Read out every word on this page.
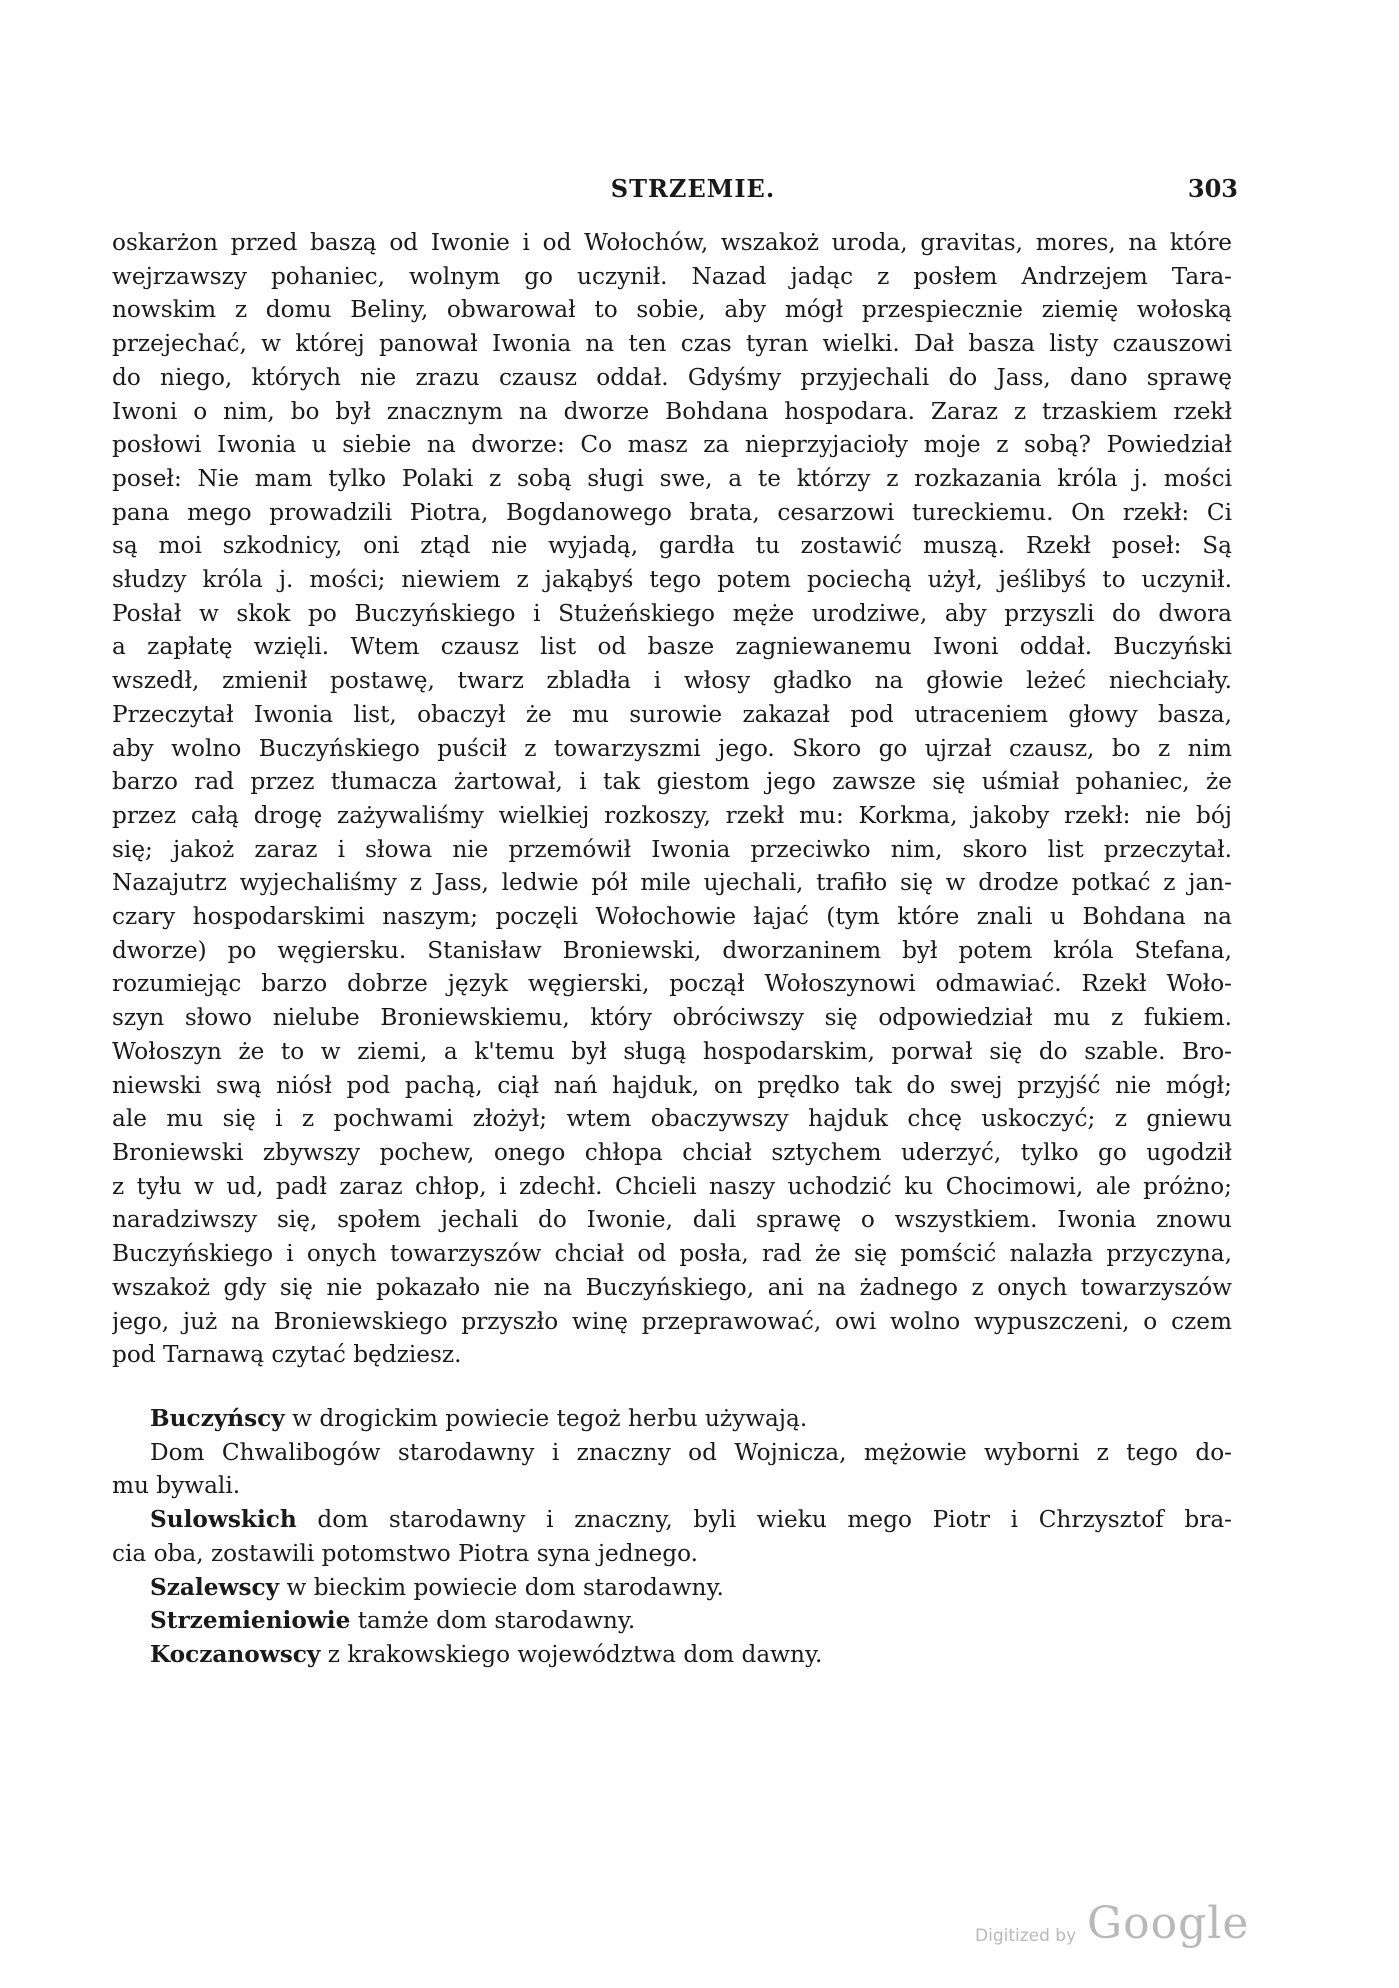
STRZEMIE.	303
oskarżon przed baszą od Iwonie i od Wołochów, wszakoż uroda, gravitas, mores, na które
wejrzawszy pohaniec, wolnym go uczynił. Nazad jadąc z posłem Andrzejem Tara-
nowskim z domu Beliny, obwarował to sobie, aby mógł przespiecznie ziemię wołoską
przejechać, w której panował Iwonia na ten czas tyran wielki. Dał basza listy czauszowi
do niego, których nie zrazu czausz oddał. Gdyśmy przyjechali do Jass, dano sprawę
Iwoni o nim, bo był znacznym na dworze Bohdana hospodara. Zaraz z trzaskiem rzekł
posłowi Iwonia u siebie na dworze: Co masz za nieprzyjacioły moje z sobą? Powiedział
poseł: Nie mam tylko Polaki z sobą sługi swe, a te którzy z rozkazania króla j. mości
pana mego prowadzili Piotra, Bogdanowego brata, cesarzowi tureckiemu. On rzekł: Ci
są moi szkodnicy, oni ztąd nie wyjadą, gardła tu zostawić muszą. Rzekł poseł: Są
słudzy króla j. mości; niewiem z jakąbyś tego potem pociechą użył, jeślibyś to uczynił.
Posłał w skok po Buczyńskiego i Stużeńskiego męże urodziwe, aby przyszli do dwora
a zapłatę wzięli. Wtem czausz list od basze zagniewanemu Iwoni oddał. Buczyński
wszedł, zmienił postawę, twarz zbladła i włosy gładko na głowie leżeć niechciały.
Przeczytał Iwonia list, obaczył że mu surowie zakazał pod utraceniem głowy basza,
aby wolno Buczyńskiego puścił z towarzyszmi jego. Skoro go ujrzał czausz, bo z nim
barzo rad przez tłumacza żartował, i tak giestom jego zawsze się uśmiał pohaniec, że
przez całą drogę zażywaliśmy wielkiej rozkoszy, rzekł mu: Korkma, jakoby rzekł: nie bój
się; jakoż zaraz i słowa nie przemówił Iwonia przeciwko nim, skoro list przeczytał.
Nazajutrz wyjechaliśmy z Jass, ledwie pół mile ujechali, trafiło się w drodze potkać z jan-
czary hospodarskimi naszym; poczęli Wołochowie łajać (tym które znali u Bohdana na
dworze) po węgiersku. Stanisław Broniewski, dworzaninem był potem króla Stefana,
rozumiejąc barzo dobrze język węgierski, począł Wołoszynowi odmawiać. Rzekł Woło-
szyn słowo nielube Broniewskiemu, który obróciwszy się odpowiedział mu z fukiem.
Wołoszyn że to w ziemi, a k'temu był sługą hospodarskim, porwał się do szable. Bro-
niewski swą niósł pod pachą, ciął nań hajduk, on prędko tak do swej przyjść nie mógł;
ale mu się i z pochwami złożył; wtem obaczywszy hajduk chcę uskoczyć; z gniewu
Broniewski zbywszy pochew, onego chłopa chciał sztychem uderzyć, tylko go ugodził
z tyłu w ud, padł zaraz chłop, i zdechł. Chcieli naszy uchodzić ku Chocimowi, ale próżno;
naradziwszy się, społem jechali do Iwonie, dali sprawę o wszystkiem. Iwonia znowu
Buczyńskiego i onych towarzyszów chciał od posła, rad że się pomścić nalazła przyczyna,
wszakoż gdy się nie pokazało nie na Buczyńskiego, ani na żadnego z onych towarzyszów
jego, już na Broniewskiego przyszło winę przeprawować, owi wolno wypuszczeni, o czem
pod Tarnawą czytać będziesz.
Buczyńscy w drogickim powiecie tegoż herbu używają.
Dom Chwalibogów starodawny i znaczny od Wojnicza, mężowie wyborni z tego do-
mu bywali.
Sulowskich dom starodawny i znaczny, byli wieku mego Piotr i Chrzysztof bra-
cia oba, zostawili potomstwo Piotra syna jednego.
Szalewscy w bieckim powiecie dom starodawny.
Strzemieniowie tamże dom starodawny.
Koczanowscy z krakowskiego województwa dom dawny.
Digitized by Google
